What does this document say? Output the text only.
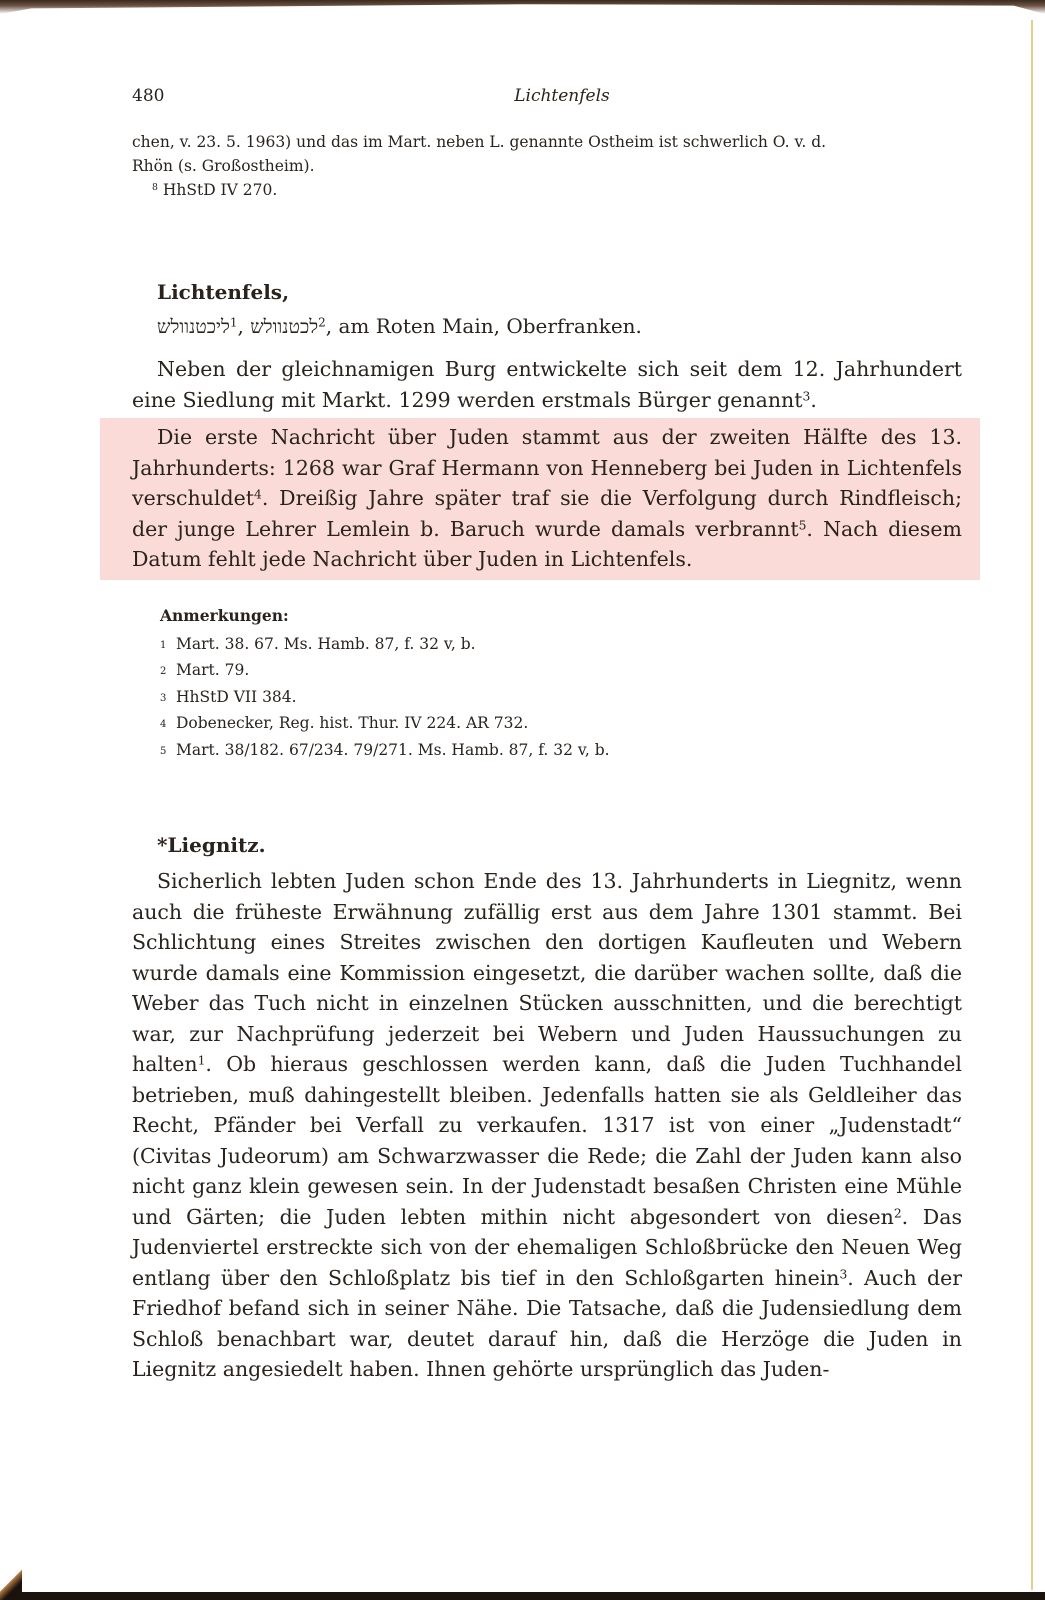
480	Lichtenfels
chen, v. 23. 5. 1963) und das im Mart. neben L. genannte Ostheim ist schwerlich O. v. d.
Rhön (s. Großostheim).
$^8$ HhStD IV 270.
Lichtenfels,
ליכטנוולש$^1$, לכטנוולש$^2$, am Roten Main, Oberfranken.

Neben der gleichnamigen Burg entwickelte sich seit dem 12. Jahrhundert eine Siedlung mit Markt. 1299 werden erstmals Bürger genannt$^3$.

Die erste Nachricht über Juden stammt aus der zweiten Hälfte des 13. Jahrhunderts: 1268 war Graf Hermann von Henneberg bei Juden in Lichtenfels verschuldet$^4$. Dreißig Jahre später traf sie die Verfolgung durch Rindfleisch; der junge Lehrer Lemlein b. Baruch wurde damals verbrannt$^5$. Nach diesem Datum fehlt jede Nachricht über Juden in Lichtenfels.

Anmerkungen:
1 Mart. 38. 67. Ms. Hamb. 87, f. 32 v, b.
2 Mart. 79.
3 HhStD VII 384.
4 Dobenecker, Reg. hist. Thur. IV 224. AR 732.
5 Mart. 38/182. 67/234. 79/271. Ms. Hamb. 87, f. 32 v, b.
*Liegnitz.

Sicherlich lebten Juden schon Ende des 13. Jahrhunderts in Liegnitz, wenn auch die früheste Erwähnung zufällig erst aus dem Jahre 1301 stammt. Bei Schlichtung eines Streites zwischen den dortigen Kaufleuten und Webern wurde damals eine Kommission eingesetzt, die darüber wachen sollte, daß die Weber das Tuch nicht in einzelnen Stücken ausschnitten, und die berechtigt war, zur Nachprüfung jederzeit bei Webern und Juden Haussuchungen zu halten$^1$. Ob hieraus geschlossen werden kann, daß die Juden Tuchhandel betrieben, muß dahingestellt bleiben. Jedenfalls hatten sie als Geldleiher das Recht, Pfänder bei Verfall zu verkaufen. 1317 ist von einer „Judenstadt“ (Civitas Judeorum) am Schwarzwasser die Rede; die Zahl der Juden kann also nicht ganz klein gewesen sein. In der Judenstadt besaßen Christen eine Mühle und Gärten; die Juden lebten mithin nicht abgesondert von diesen$^2$. Das Judenviertel erstreckte sich von der ehemaligen Schloßbrücke den Neuen Weg entlang über den Schloßplatz bis tief in den Schloßgarten hinein$^3$. Auch der Friedhof befand sich in seiner Nähe. Die Tatsache, daß die Judensiedlung dem Schloß benachbart war, deutet darauf hin, daß die Herzöge die Juden in Liegnitz angesiedelt haben. Ihnen gehörte ursprünglich das Juden-
